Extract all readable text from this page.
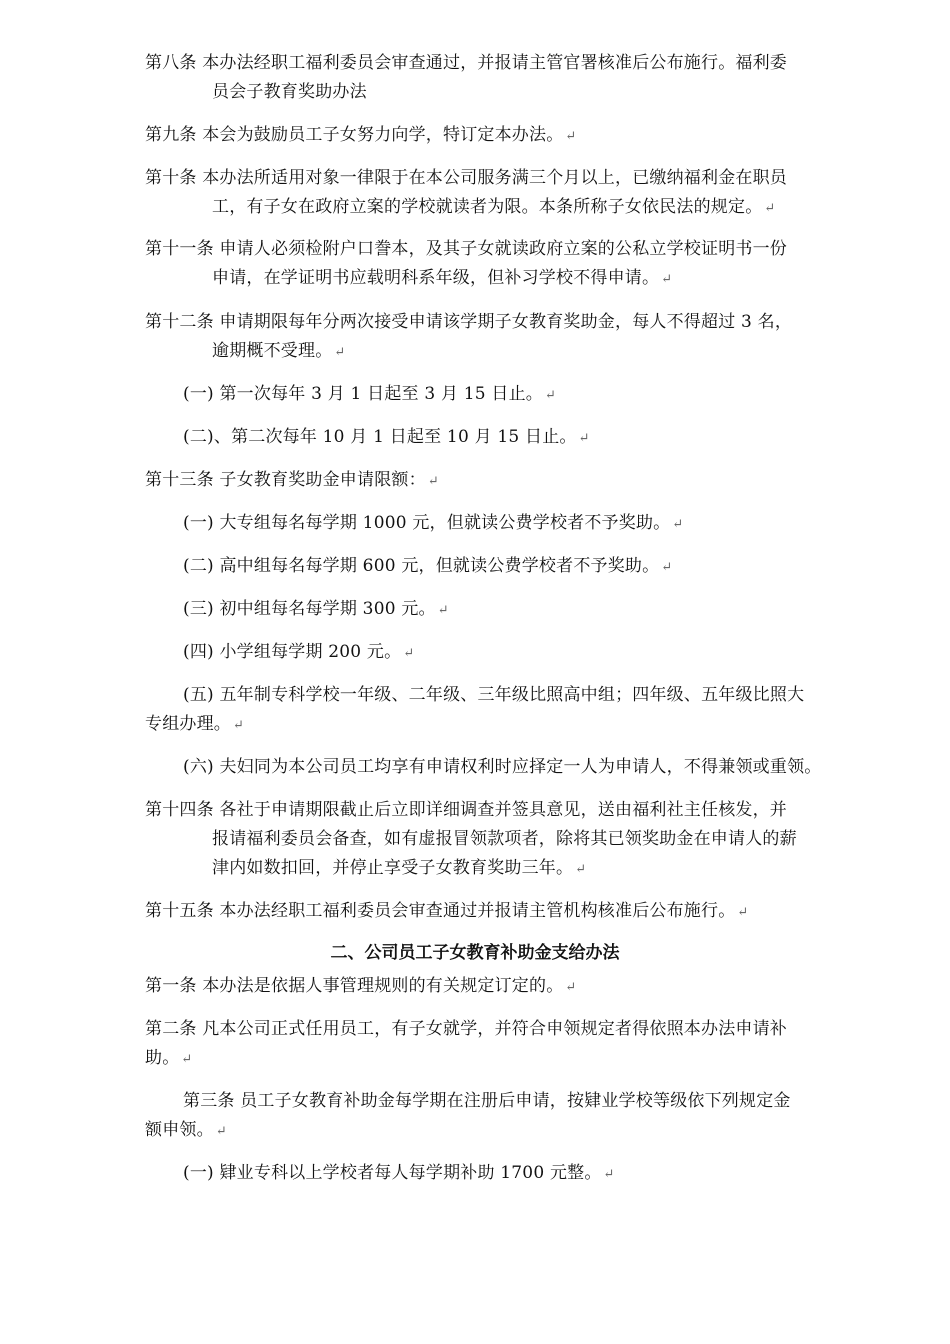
第八条 本办法经职工福利委员会审查通过，并报请主管官署核准后公布施行。福利委
员会子教育奖助办法
第九条 本会为鼓励员工子女努力向学，特订定本办法。 ↵
第十条 本办法所适用对象一律限于在本公司服务满三个月以上，已缴纳福利金在职员
工，有子女在政府立案的学校就读者为限。本条所称子女依民法的规定。 ↵
第十一条 申请人必须检附户口誊本，及其子女就读政府立案的公私立学校证明书一份
申请，在学证明书应载明科系年级，但补习学校不得申请。 ↵
第十二条 申请期限每年分两次接受申请该学期子女教育奖助金，每人不得超过 3 名，
逾期概不受理。 ↵
(一) 第一次每年 3 月 1 日起至 3 月 15 日止。 ↵
(二)、第二次每年 10 月 1 日起至 10 月 15 日止。 ↵
第十三条 子女教育奖助金申请限额： ↵
(一) 大专组每名每学期 1000 元，但就读公费学校者不予奖助。 ↵
(二) 高中组每名每学期 600 元，但就读公费学校者不予奖助。 ↵
(三) 初中组每名每学期 300 元。 ↵
(四) 小学组每学期 200 元。 ↵
(五) 五年制专科学校一年级、二年级、三年级比照高中组；四年级、五年级比照大
专组办理。 ↵
(六) 夫妇同为本公司员工均享有申请权利时应择定一人为申请人，不得兼领或重领。
第十四条 各社于申请期限截止后立即详细调查并签具意见，送由福利社主任核发，并
报请福利委员会备查，如有虚报冒领款项者，除将其已领奖助金在申请人的薪
津内如数扣回，并停止享受子女教育奖助三年。 ↵
第十五条 本办法经职工福利委员会审查通过并报请主管机构核准后公布施行。 ↵
二、公司员工子女教育补助金支给办法
第一条 本办法是依据人事管理规则的有关规定订定的。 ↵
第二条 凡本公司正式任用员工，有子女就学，并符合申领规定者得依照本办法申请补
助。 ↵
第三条 员工子女教育补助金每学期在注册后申请，按肄业学校等级依下列规定金
额申领。 ↵
(一) 肄业专科以上学校者每人每学期补助 1700 元整。 ↵
